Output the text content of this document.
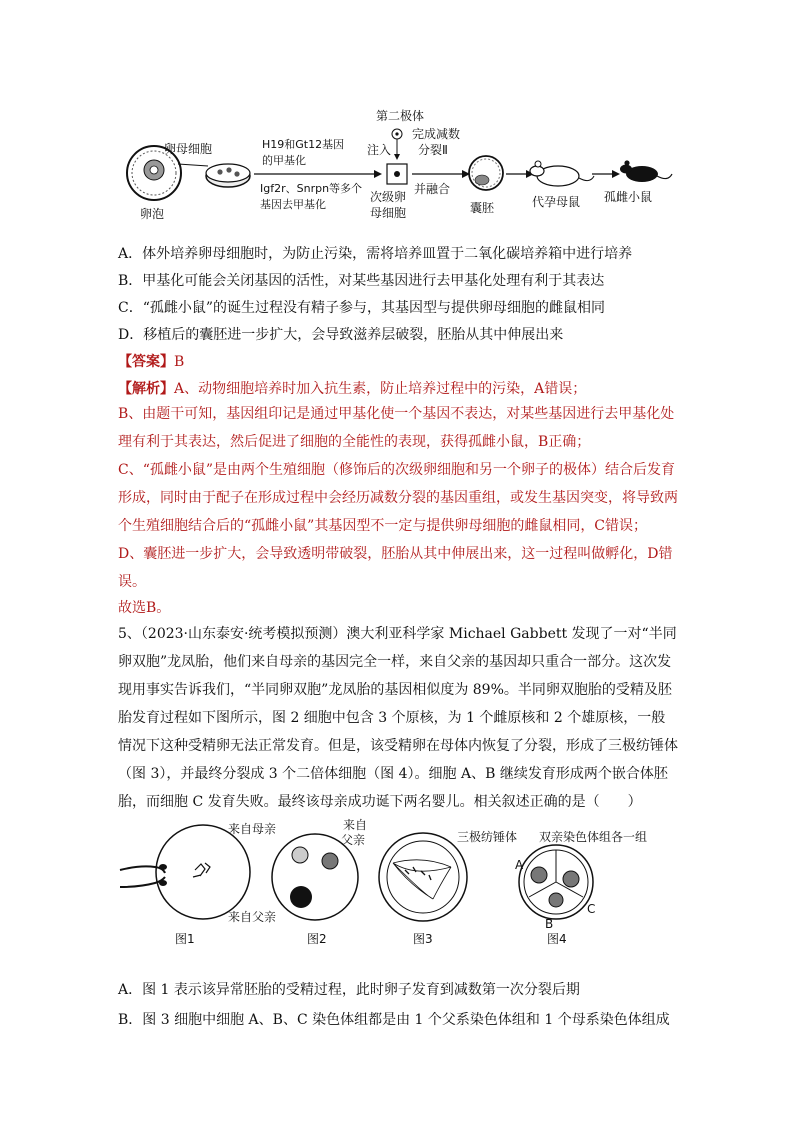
卵泡
卵母细胞	H19和Gt12基因
的甲基化
Igf2r、Snrpn等多个
基因去甲基化
第二极体
注入
次级卵
母细胞
完成减数
分裂Ⅱ
并融合
囊胚	代孕母鼠 孤雌小鼠
A．体外培养卵母细胞时，为防止污染，需将培养皿置于二氧化碳培养箱中进行培养
B．甲基化可能会关闭基因的活性，对某些基因进行去甲基化处理有利于其表达
C．“孤雌小鼠”的诞生过程没有精子参与，其基因型与提供卵母细胞的雌鼠相同
D．移植后的囊胚进一步扩大，会导致滋养层破裂，胚胎从其中伸展出来
【答案】B
【解析】A、动物细胞培养时加入抗生素，防止培养过程中的污染，A错误；
B、由题干可知，基因组印记是通过甲基化使一个基因不表达，对某些基因进行去甲基化处理有利于其表达，然后促进了细胞的全能性的表现，获得孤雌小鼠，B正确；
C、“孤雌小鼠”是由两个生殖细胞（修饰后的次级卵细胞和另一个卵子的极体）结合后发育形成，同时由于配子在形成过程中会经历减数分裂的基因重组，或发生基因突变，将导致两个生殖细胞结合后的“孤雌小鼠”其基因型不一定与提供卵母细胞的雌鼠相同，C错误；
D、囊胚进一步扩大，会导致透明带破裂，胚胎从其中伸展出来，这一过程叫做孵化，D错误。
故选B。
5、（2023·山东泰安·统考模拟预测）澳大利亚科学家 Michael Gabbett 发现了一对“半同卵双胞”龙凤胎，他们来自母亲的基因完全一样，来自父亲的基因却只重合一部分。这次发现用事实告诉我们，“半同卵双胞”龙凤胎的基因相似度为 89%。半同卵双胞胎的受精及胚胎发育过程如下图所示，图 2 细胞中包含 3 个原核，为 1 个雌原核和 2 个雄原核，一般情况下这种受精卵无法正常发育。但是，该受精卵在母体内恢复了分裂，形成了三极纺锤体（图 3），并最终分裂成 3 个二倍体细胞（图 4）。细胞 A、B 继续发育形成两个嵌合体胚胎，而细胞 C 发育失败。最终该母亲成功诞下两名婴儿。相关叙述正确的是（　　）
图1
来自母亲	来自
父亲
来自父亲
图2
三极纺锤体
图3
双亲染色体组各一组
A
B
C
图4
A．图 1 表示该异常胚胎的受精过程，此时卵子发育到减数第一次分裂后期
B．图 3 细胞中细胞 A、B、C 染色体组都是由 1 个父系染色体组和 1 个母系染色体组成
